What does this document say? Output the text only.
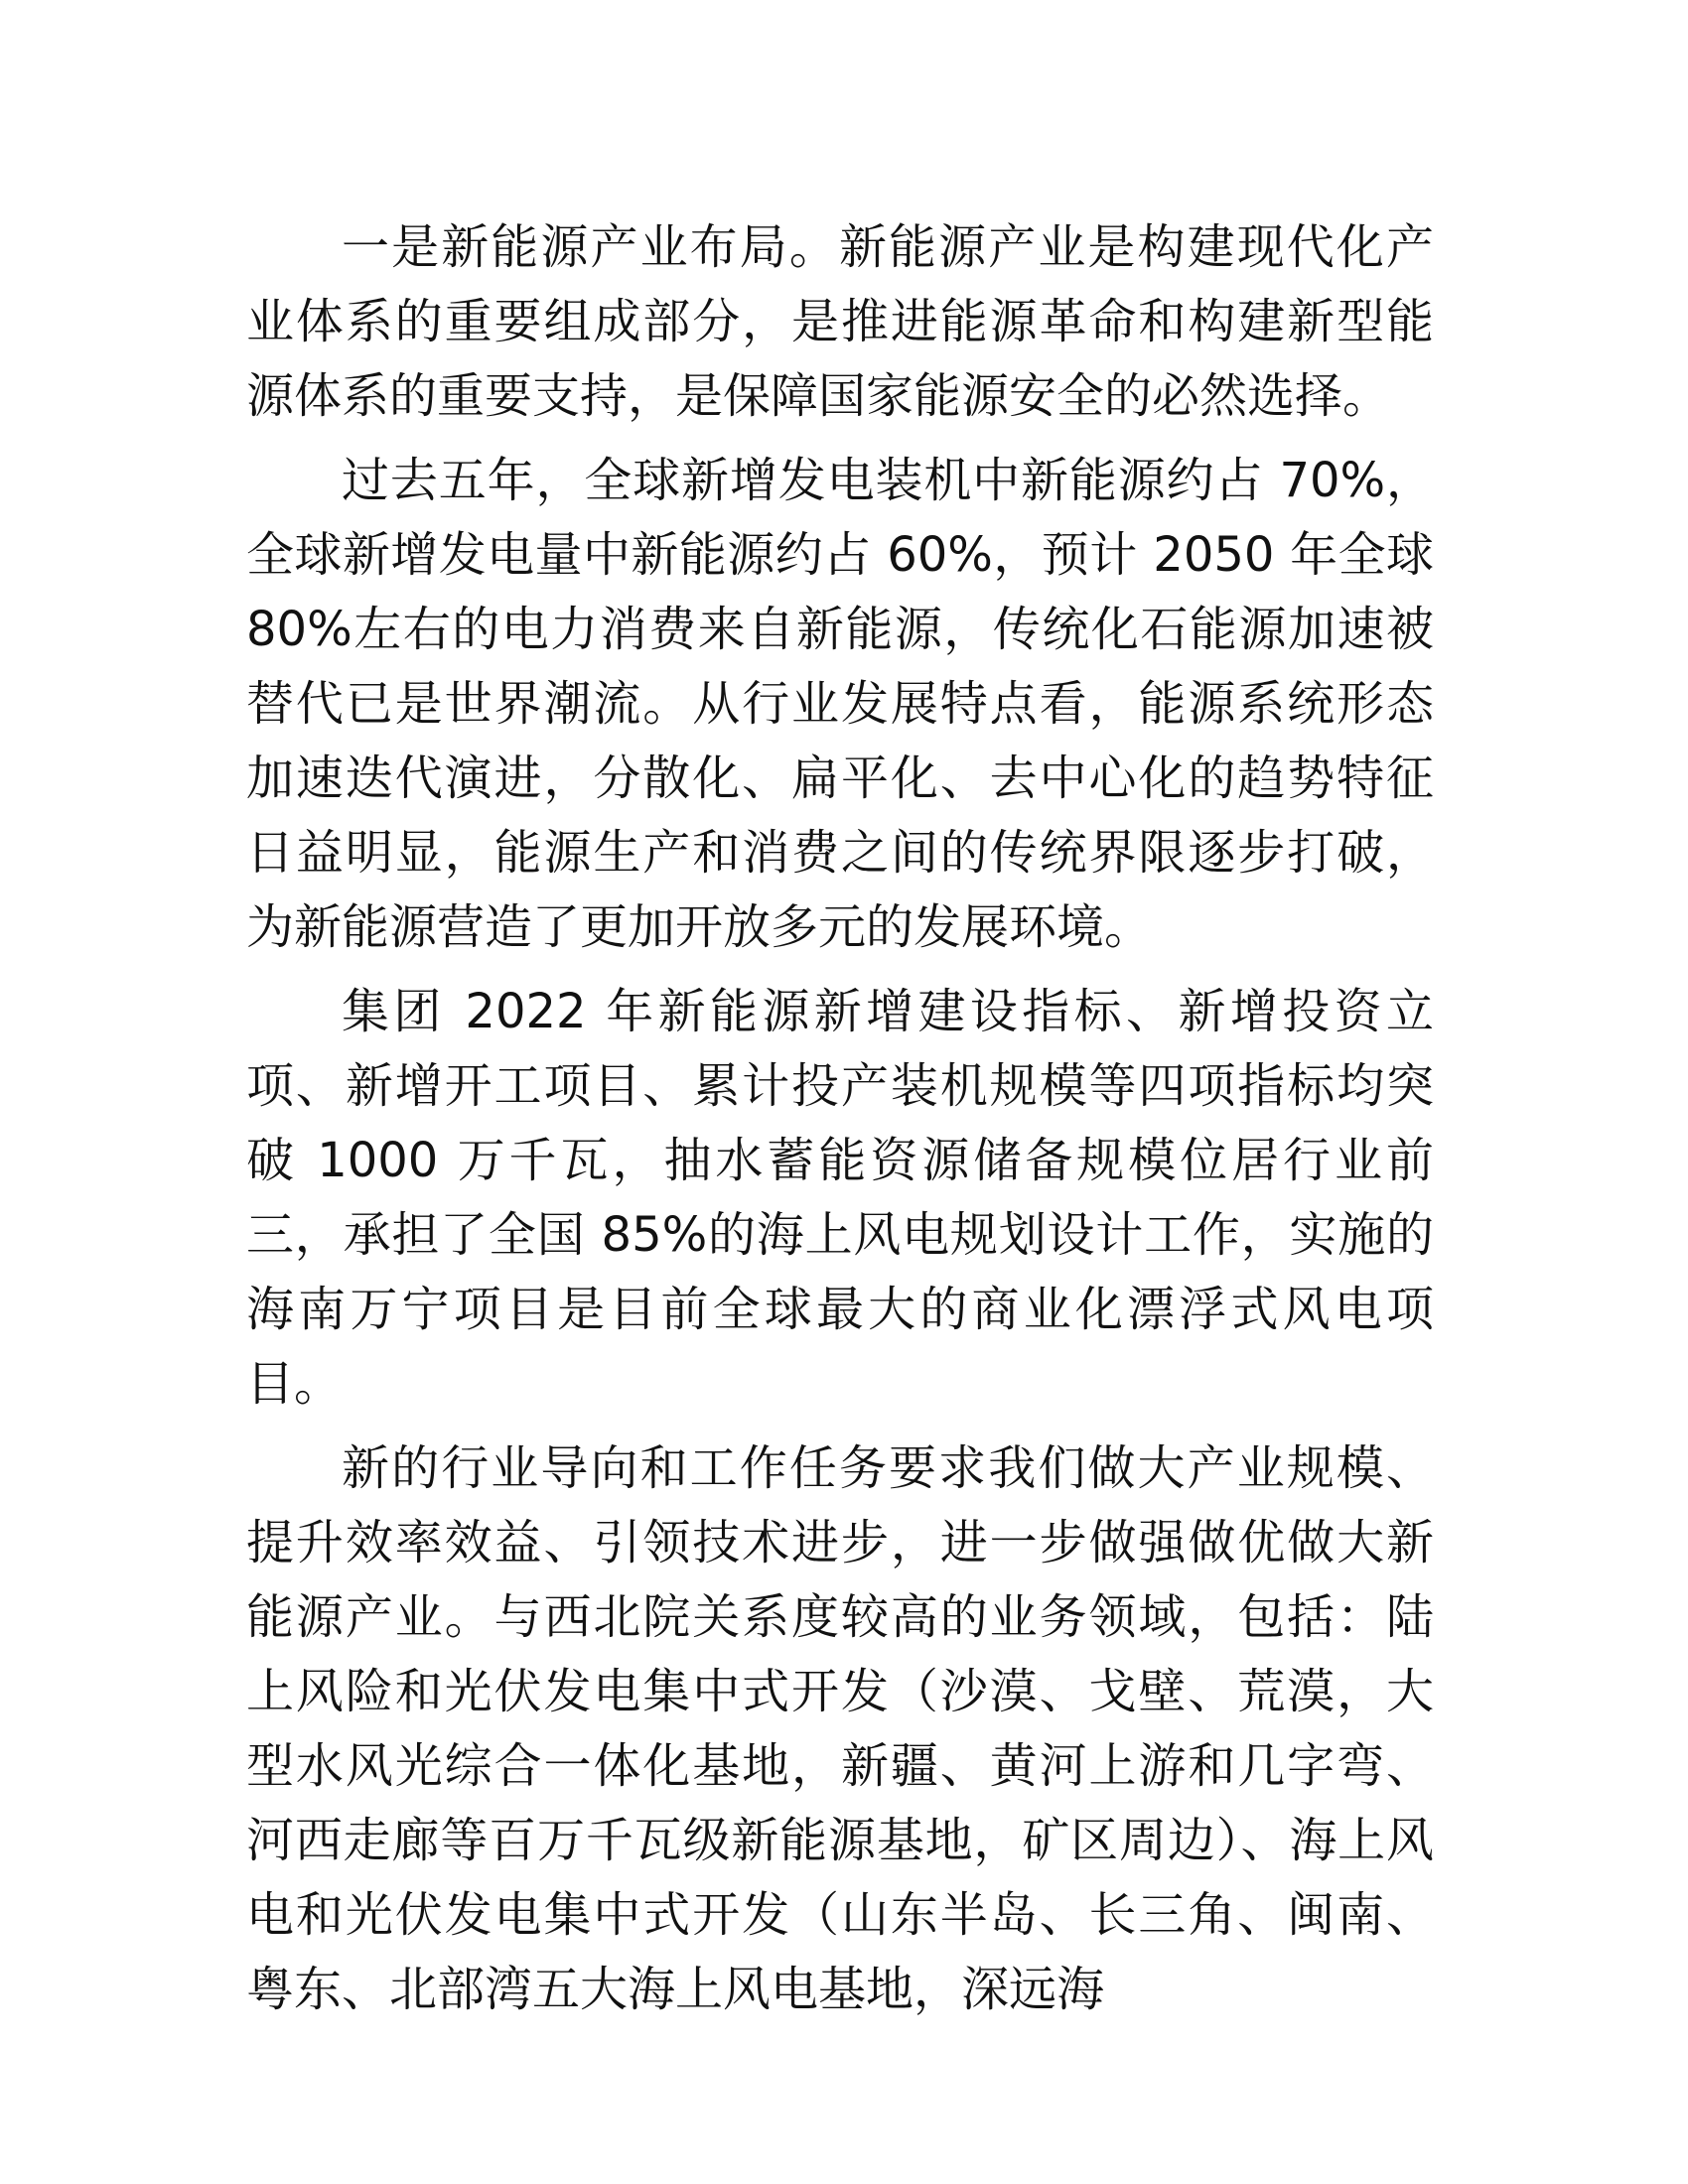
一是新能源产业布局。新能源产业是构建现代化产业体系的重要组成部分，是推进能源革命和构建新型能源体系的重要支持，是保障国家能源安全的必然选择。

过去五年，全球新增发电装机中新能源约占 70%，全球新增发电量中新能源约占 60%，预计 2050 年全球 80%左右的电力消费来自新能源，传统化石能源加速被替代已是世界潮流。从行业发展特点看，能源系统形态加速迭代演进，分散化、扁平化、去中心化的趋势特征日益明显，能源生产和消费之间的传统界限逐步打破，为新能源营造了更加开放多元的发展环境。

集团 2022 年新能源新增建设指标、新增投资立项、新增开工项目、累计投产装机规模等四项指标均突破 1000 万千瓦，抽水蓄能资源储备规模位居行业前三，承担了全国 85%的海上风电规划设计工作，实施的海南万宁项目是目前全球最大的商业化漂浮式风电项目。

新的行业导向和工作任务要求我们做大产业规模、提升效率效益、引领技术进步，进一步做强做优做大新能源产业。与西北院关系度较高的业务领域，包括：陆上风险和光伏发电集中式开发（沙漠、戈壁、荒漠，大型水风光综合一体化基地，新疆、黄河上游和几字弯、河西走廊等百万千瓦级新能源基地，矿区周边）、海上风电和光伏发电集中式开发（山东半岛、长三角、闽南、粤东、北部湾五大海上风电基地，深远海
